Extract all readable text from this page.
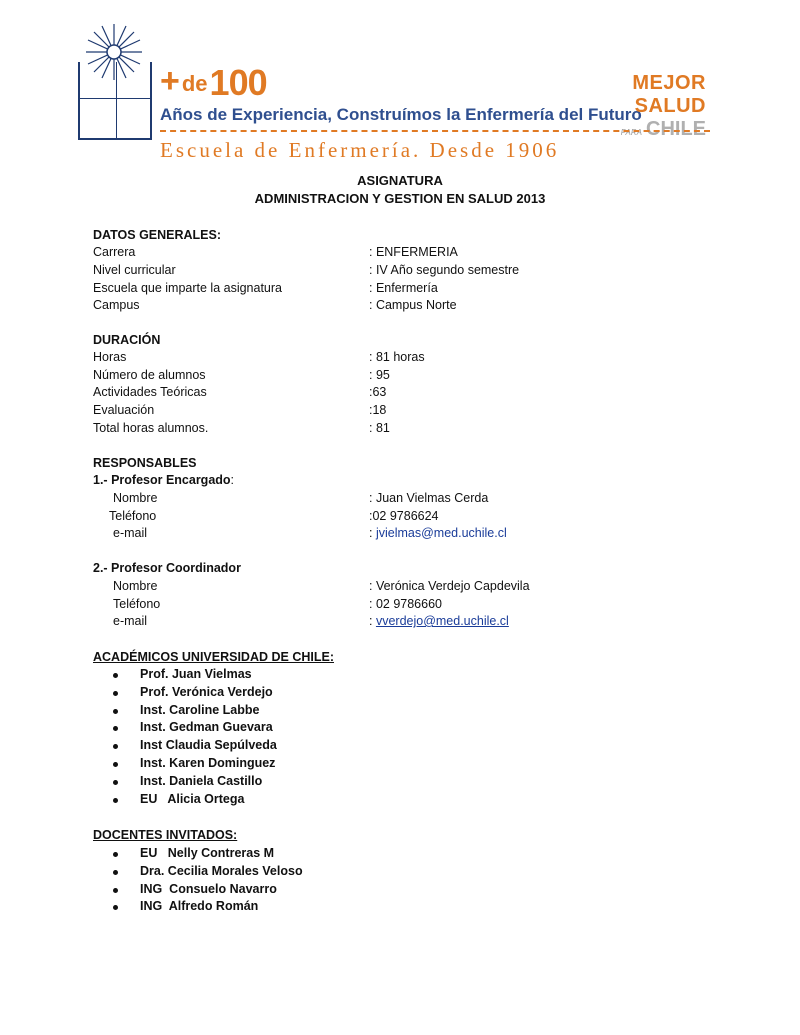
+de100
Años de Experiencia, Construímos la Enfermería del Futuro
MEJOR SALUD
PARA CHILE
Escuela de Enfermería. Desde 1906
ASIGNATURA
ADMINISTRACION Y GESTION EN SALUD 2013
DATOS GENERALES:
Carrera	: ENFERMERIA
Nivel curricular	: IV Año segundo semestre
Escuela que imparte la asignatura	: Enfermería
Campus	: Campus Norte
DURACIÓN
Horas	: 81 horas
Número de alumnos	: 95
Actividades Teóricas	:63
Evaluación	:18
Total horas alumnos.	: 81
RESPONSABLES
1.- Profesor Encargado:
Nombre	: Juan Vielmas Cerda
Teléfono	:02 9786624
e-mail	: jvielmas@med.uchile.cl
2.- Profesor Coordinador
Nombre	: Verónica Verdejo Capdevila
Teléfono	: 02 9786660
e-mail	: vverdejo@med.uchile.cl
ACADÉMICOS UNIVERSIDAD DE CHILE:
Prof. Juan Vielmas
Prof. Verónica Verdejo
Inst. Caroline Labbe
Inst. Gedman Guevara
Inst Claudia Sepúlveda
Inst. Karen Dominguez
Inst. Daniela Castillo
EU   Alicia Ortega
DOCENTES INVITADOS:
EU   Nelly Contreras M
Dra. Cecilia Morales Veloso
ING  Consuelo Navarro
ING  Alfredo Román
